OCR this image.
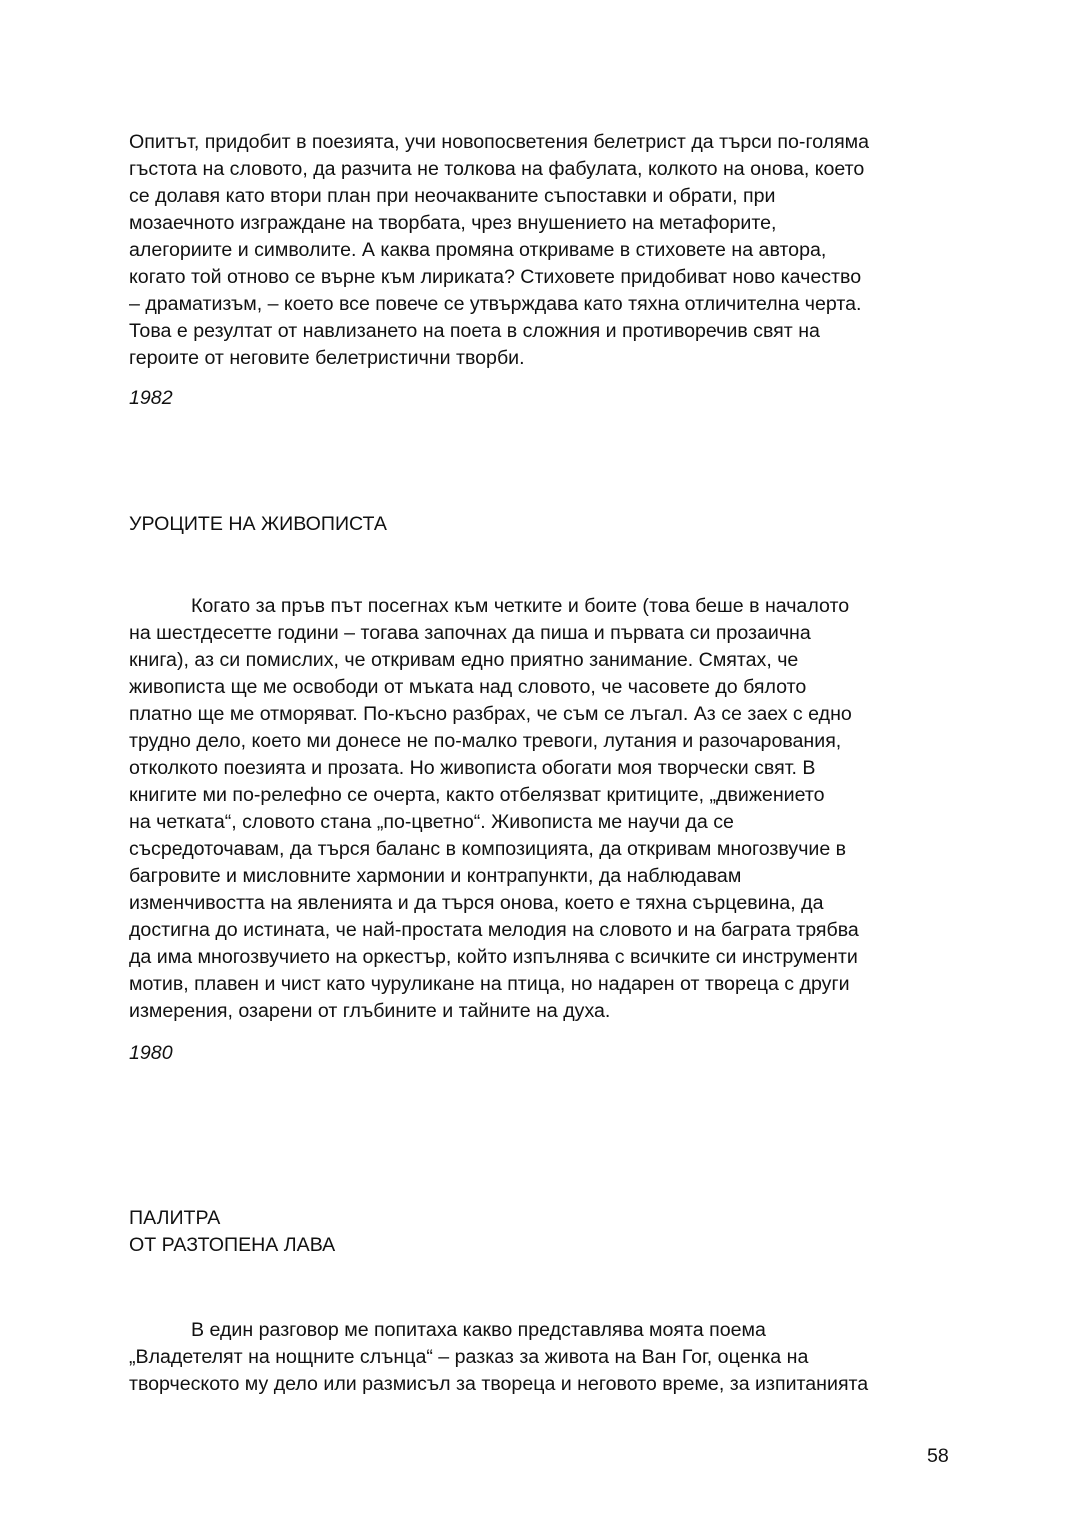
Опитът, придобит в поезията, учи новопосветения белетрист да търси по-голяма
гъстота на словото, да разчита не толкова на фабулата, колкото на онова, което
се долавя като втори план при неочакваните съпоставки и обрати, при
мозаечното изграждане на творбата, чрез внушението на метафорите,
алегориите и символите. А каква промяна откриваме в стиховете на автора,
когато той отново се върне към лириката? Стиховете придобиват ново качество
– драматизъм, – което все повече се утвърждава като тяхна отличителна черта.
Това е резултат от навлизането на поета в сложния и противоречив свят на
героите от неговите белетристични творби.
1982
УРОЦИТЕ НА ЖИВОПИСТА
Когато за пръв път посегнах към четките и боите (това беше в началото
на шестдесетте години – тогава започнах да пиша и първата си прозаична
книга), аз си помислих, че откривам едно приятно занимание. Смятах, че
живописта ще ме освободи от мъката над словото, че часовете до бялото
платно ще ме отморяват. По-късно разбрах, че съм се лъгал. Аз се заех с едно
трудно дело, което ми донесе не по-малко тревоги, лутания и разочарования,
отколкото поезията и прозата. Но живописта обогати моя творчески свят. В
книгите ми по-релефно се очерта, както отбелязват критиците, „движението
на четката“, словото стана „по-цветно“. Живописта ме научи да се
съсредоточавам, да търся баланс в композицията, да откривам многозвучие в
багровите и мисловните хармонии и контрапункти, да наблюдавам
изменчивостта на явленията и да търся онова, което е тяхна сърцевина, да
достигна до истината, че най-простата мелодия на словото и на баграта трябва
да има многозвучието на оркестър, който изпълнява с всичките си инструменти
мотив, плавен и чист като чуруликане на птица, но надарен от твореца с други
измерения, озарени от глъбините и тайните на духа.
1980
ПАЛИТРА
ОТ РАЗТОПЕНА ЛАВА
В един разговор ме попитаха какво представлява моята поема
„Владетелят на нощните слънца“ – разказ за живота на Ван Гог, оценка на
творческото му дело или размисъл за твореца и неговото време, за изпитанията
58
